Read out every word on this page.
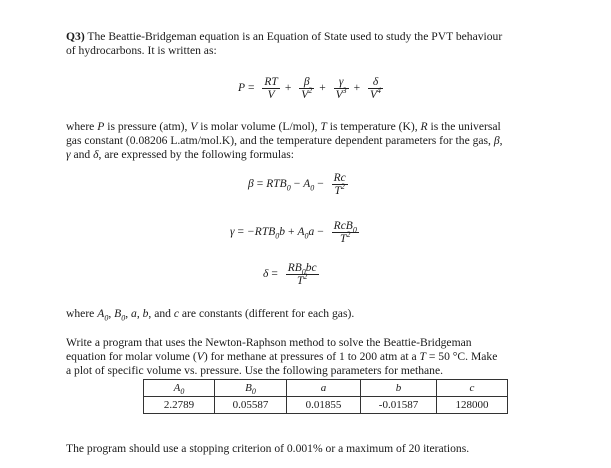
Q3) The Beattie-Bridgeman equation is an Equation of State used to study the PVT behaviour

of hydrocarbons. It is written as:

$P = \frac{RT}{V} + \frac{\beta}{V^2} + \frac{\gamma}{V^3} + \frac{\delta}{V^4}$

where P is pressure (atm), V is molar volume (L/mol), T is temperature (K), R is the universal

gas constant (0.08206 L.atm/mol.K), and the temperature dependent parameters for the gas, β,

γ and δ, are expressed by the following formulas:

$\beta = RTB_0 - A_0 - \frac{Rc}{T^2}$
$\gamma = -RTB_0b + A_0a - \frac{RcB_0}{T^2}$
$\delta = \frac{RB_0bc}{T^2}$

where $A_0$, $B_0$, a, b, and c are constants (different for each gas).

Write a program that uses the Newton-Raphson method to solve the Beattie-Bridgeman

equation for molar volume (V) for methane at pressures of 1 to 200 atm at a T = 50 °C. Make

a plot of specific volume vs. pressure. Use the following parameters for methane.

$A_0$	$B_0$	a	b	c
2.2789	0.05587	0.01855	-0.01587	128000

The program should use a stopping criterion of 0.001% or a maximum of 20 iterations.
